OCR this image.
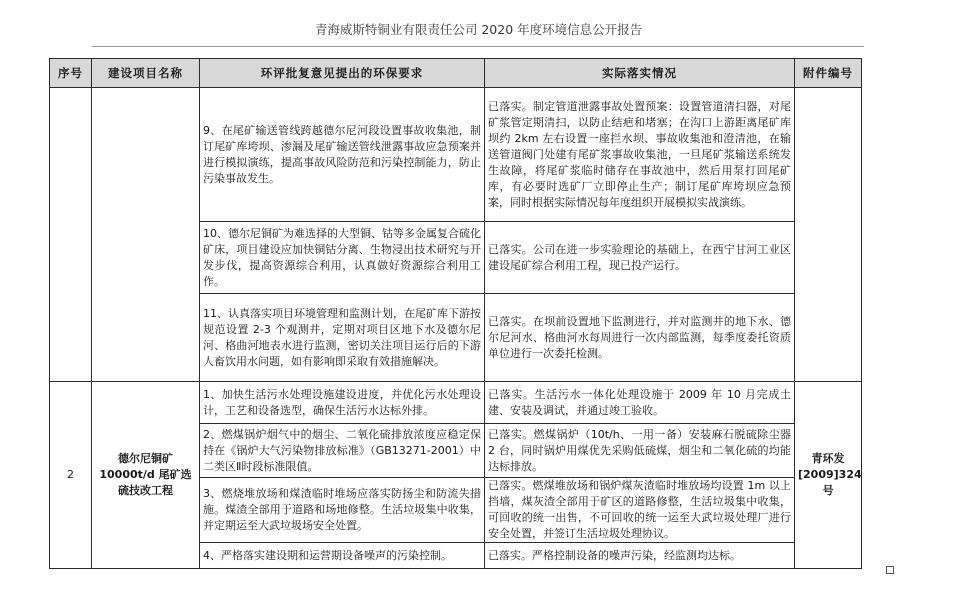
青海威斯特铜业有限责任公司 2020 年度环境信息公开报告
序号	建设项目名称	环评批复意见提出的环保要求	实际落实情况	附件编号
		9、在尾矿输送管线跨越德尔尼河段设置事故收集池，制订尾矿库垮坝、渗漏及尾矿输送管线泄露事故应急预案并进行模拟演练，提高事故风险防范和污染控制能力，防止污染事故发生。	已落实。制定管道泄露事故处置预案：设置管道清扫器，对尾矿浆管定期清扫，以防止结疤和堵塞；在沟口上游距离尾矿库坝约 2km 左右设置一座拦水坝、事故收集池和澄清池，在输送管道阀门处建有尾矿浆事故收集池，一旦尾矿浆输送系统发生故障，将尾矿浆临时储存在事故池中，然后用泵打回尾矿库，有必要时选矿厂立即停止生产；制订尾矿库垮坝应急预案，同时根据实际情况每年度组织开展模拟实战演练。	
		10、德尔尼铜矿为难选择的大型铜、钴等多金属复合硫化矿床，项目建设应加快铜钴分离、生物浸出技术研究与开发步伐，提高资源综合利用，认真做好资源综合利用工作。	已落实。公司在进一步实验理论的基础上，在西宁甘河工业区建设尾矿综合利用工程，现已投产运行。	
		11、认真落实项目环境管理和监测计划，在尾矿库下游按规范设置 2-3 个观测井，定期对项目区地下水及德尔尼河、格曲河地表水进行监测，密切关注项目运行后的下游人畜饮用水问题，如有影响即采取有效措施解决。	已落实。在坝前设置地下监测进行，并对监测井的地下水、德尔尼河水、格曲河水每周进行一次内部监测，每季度委托资质单位进行一次委托检测。	
2	德尔尼铜矿 10000t/d 尾矿选硫技改工程	1、加快生活污水处理设施建设进度，并优化污水处理设计，工艺和设备选型，确保生活污水达标外排。	已落实。生活污水一体化处理设施于 2009 年 10 月完成土建、安装及调试，并通过竣工验收。	青环发[2009]324 号
		2、燃煤锅炉烟气中的烟尘、二氧化硫排放浓度应稳定保持在《锅炉大气污染物排放标准》（GB13271-2001）中二类区Ⅱ时段标准限值。	已落实。燃煤锅炉（10t/h、一用一备）安装麻石脱硫除尘器 2 台，同时锅炉用煤优先采购低硫煤，烟尘和二氧化硫的均能达标排放。	
		3、燃烧堆放场和煤渣临时堆场应落实防扬尘和防流失措施。煤渣全部用于道路和场地修整。生活垃圾集中收集，并定期运至大武垃圾场安全处置。	已落实。燃煤堆放场和锅炉煤灰渣临时堆放场均设置 1m 以上挡墙，煤灰渣全部用于矿区的道路修整，生活垃圾集中收集，可回收的统一出售，不可回收的统一运至大武垃圾处理厂进行安全处置，并签订生活垃圾处理协议。	
		4、严格落实建设期和运营期设备噪声的污染控制。	已落实。严格控制设备的噪声污染，经监测均达标。	
